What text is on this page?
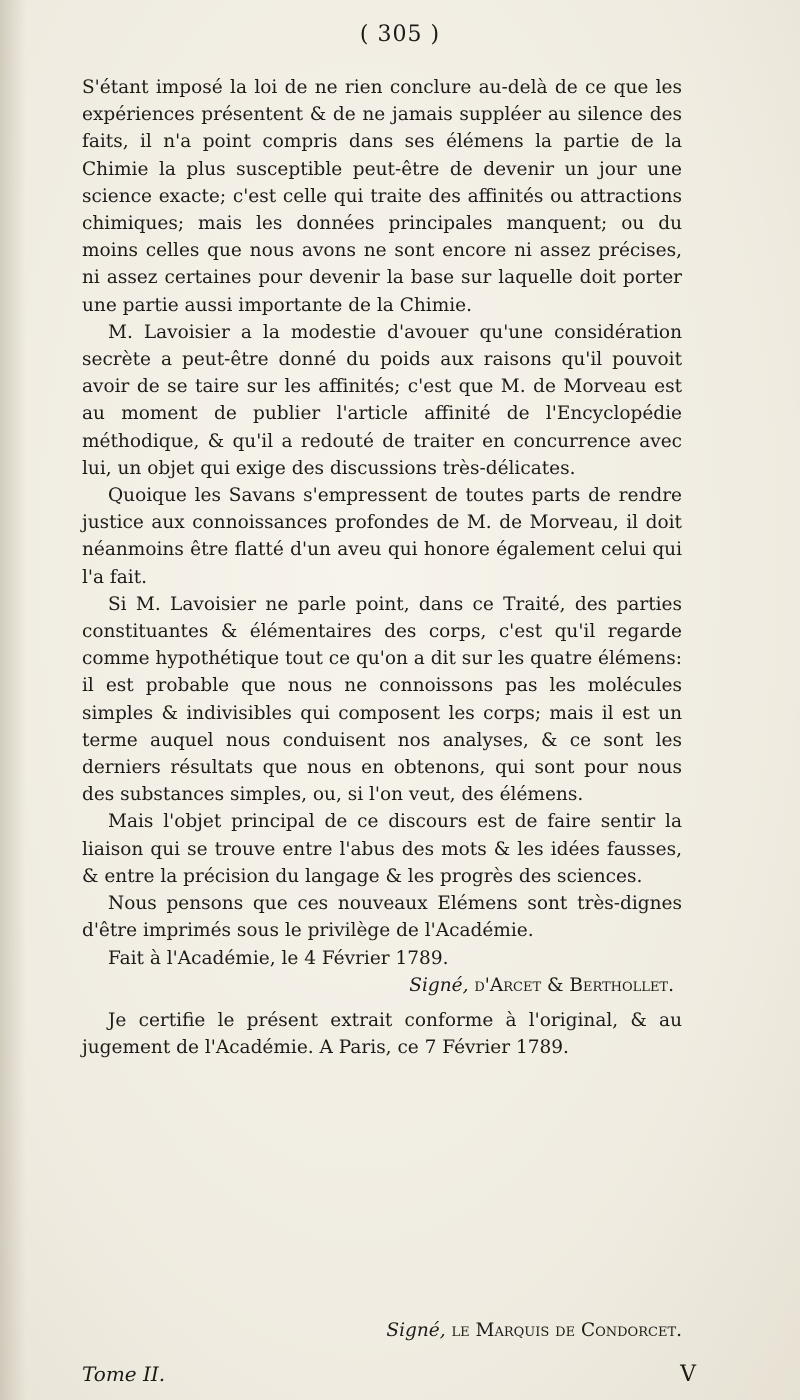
( 305 )

S'étant imposé la loi de ne rien conclure au-delà de ce que les expériences présentent & de ne jamais suppléer au silence des faits, il n'a point compris dans ses élémens la partie de la Chimie la plus susceptible peut-être de devenir un jour une science exacte; c'est celle qui traite des affinités ou attractions chimiques; mais les données principales manquent; ou du moins celles que nous avons ne sont encore ni assez précises, ni assez certaines pour devenir la base sur laquelle doit porter une partie aussi importante de la Chimie.

M. Lavoisier a la modestie d'avouer qu'une considération secrète a peut-être donné du poids aux raisons qu'il pouvoit avoir de se taire sur les affinités; c'est que M. de Morveau est au moment de publier l'article affinité de l'Encyclopédie méthodique, & qu'il a redouté de traiter en concurrence avec lui, un objet qui exige des discussions très-délicates.

Quoique les Savans s'empressent de toutes parts de rendre justice aux connoissances profondes de M. de Morveau, il doit néanmoins être flatté d'un aveu qui honore également celui qui l'a fait.

Si M. Lavoisier ne parle point, dans ce Traité, des parties constituantes & élémentaires des corps, c'est qu'il regarde comme hypothétique tout ce qu'on a dit sur les quatre élémens: il est probable que nous ne connoissons pas les molécules simples & indivisibles qui composent les corps; mais il est un terme auquel nous conduisent nos analyses, & ce sont les derniers résultats que nous en obtenons, qui sont pour nous des substances simples, ou, si l'on veut, des élémens.

Mais l'objet principal de ce discours est de faire sentir la liaison qui se trouve entre l'abus des mots & les idées fausses, & entre la précision du langage & les progrès des sciences.

Nous pensons que ces nouveaux Elémens sont très-dignes d'être imprimés sous le privilège de l'Académie.

Fait à l'Académie, le 4 Février 1789.

Signé, d'Arcet & Berthollet.

Je certifie le présent extrait conforme à l'original, & au jugement de l'Académie. A Paris, ce 7 Février 1789.

Signé, le Marquis de Condorcet.
Tome II.	V
